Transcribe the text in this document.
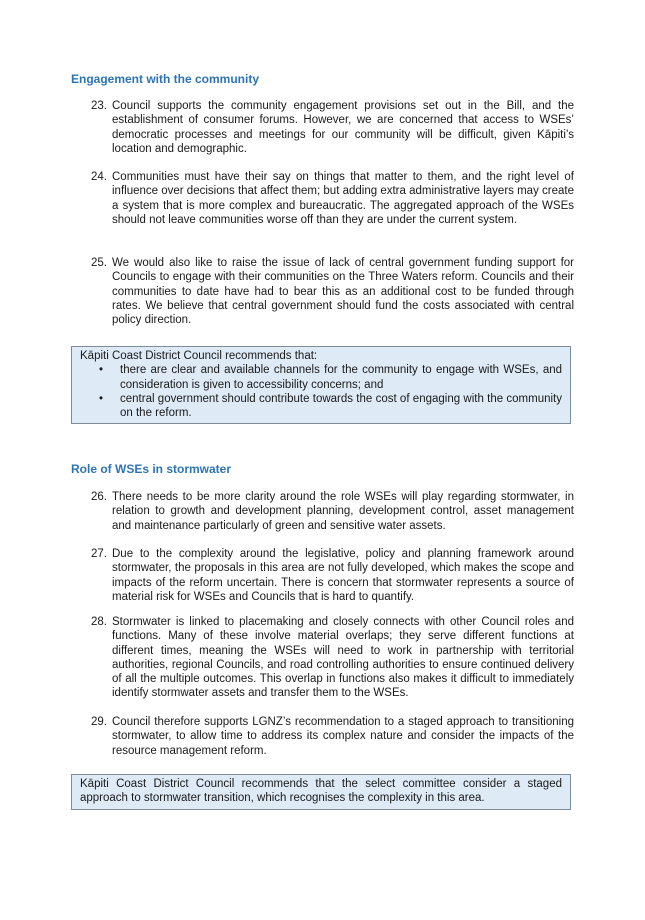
Engagement with the community
23. Council supports the community engagement provisions set out in the Bill, and the establishment of consumer forums. However, we are concerned that access to WSEs’ democratic processes and meetings for our community will be difficult, given Kāpiti’s location and demographic.
24. Communities must have their say on things that matter to them, and the right level of influence over decisions that affect them; but adding extra administrative layers may create a system that is more complex and bureaucratic. The aggregated approach of the WSEs should not leave communities worse off than they are under the current system.
25. We would also like to raise the issue of lack of central government funding support for Councils to engage with their communities on the Three Waters reform. Councils and their communities to date have had to bear this as an additional cost to be funded through rates. We believe that central government should fund the costs associated with central policy direction.
Kāpiti Coast District Council recommends that:
• there are clear and available channels for the community to engage with WSEs, and consideration is given to accessibility concerns; and
• central government should contribute towards the cost of engaging with the community on the reform.
Role of WSEs in stormwater
26. There needs to be more clarity around the role WSEs will play regarding stormwater, in relation to growth and development planning, development control, asset management and maintenance particularly of green and sensitive water assets.
27. Due to the complexity around the legislative, policy and planning framework around stormwater, the proposals in this area are not fully developed, which makes the scope and impacts of the reform uncertain. There is concern that stormwater represents a source of material risk for WSEs and Councils that is hard to quantify.
28. Stormwater is linked to placemaking and closely connects with other Council roles and functions. Many of these involve material overlaps; they serve different functions at different times, meaning the WSEs will need to work in partnership with territorial authorities, regional Councils, and road controlling authorities to ensure continued delivery of all the multiple outcomes. This overlap in functions also makes it difficult to immediately identify stormwater assets and transfer them to the WSEs.
29. Council therefore supports LGNZ’s recommendation to a staged approach to transitioning stormwater, to allow time to address its complex nature and consider the impacts of the resource management reform.
Kāpiti Coast District Council recommends that the select committee consider a staged approach to stormwater transition, which recognises the complexity in this area.
